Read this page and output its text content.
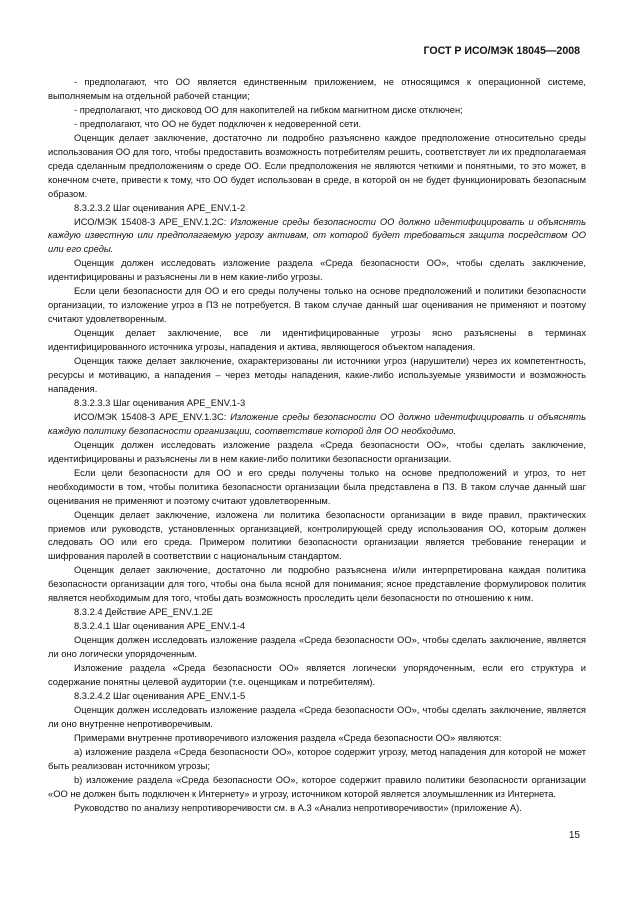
ГОСТ Р ИСО/МЭК 18045—2008

- предполагают, что ОО является единственным приложением, не относящимся к операционной системе, выполняемым на отдельной рабочей станции;

- предполагают, что дисковод ОО для накопителей на гибком магнитном диске отключен;

- предполагают, что ОО не будет подключен к недоверенной сети.

Оценщик делает заключение, достаточно ли подробно разъяснено каждое предположение относительно среды использования ОО для того, чтобы предоставить возможность потребителям решить, соответствует ли их предполагаемая среда сделанным предположениям о среде ОО. Если предположения не являются четкими и понятными, то это может, в конечном счете, привести к тому, что ОО будет использован в среде, в которой он не будет функционировать безопасным образом.

8.3.2.3.2 Шаг оценивания APE_ENV.1-2

ИСО/МЭК 15408-3 APE_ENV.1.2C: Изложение среды безопасности ОО должно идентифицировать и объяснять каждую известную или предполагаемую угрозу активам, от которой будет требоваться защита посредством ОО или его среды.

Оценщик должен исследовать изложение раздела «Среда безопасности ОО», чтобы сделать заключение, идентифицированы и разъяснены ли в нем какие-либо угрозы.

Если цели безопасности для ОО и его среды получены только на основе предположений и политики безопасности организации, то изложение угроз в ПЗ не потребуется. В таком случае данный шаг оценивания не применяют и поэтому считают удовлетворенным.

Оценщик делает заключение, все ли идентифицированные угрозы ясно разъяснены в терминах идентифицированного источника угрозы, нападения и актива, являющегося объектом нападения.

Оценщик также делает заключение, охарактеризованы ли источники угроз (нарушители) через их компетентность, ресурсы и мотивацию, а нападения – через методы нападения, какие-либо используемые уязвимости и возможность нападения.

8.3.2.3.3 Шаг оценивания APE_ENV.1-3

ИСО/МЭК 15408-3 APE_ENV.1.3C: Изложение среды безопасности ОО должно идентифицировать и объяснять каждую политику безопасности организации, соответствие которой для ОО необходимо.

Оценщик должен исследовать изложение раздела «Среда безопасности ОО», чтобы сделать заключение, идентифицированы и разъяснены ли в нем какие-либо политики безопасности организации.

Если цели безопасности для ОО и его среды получены только на основе предположений и угроз, то нет необходимости в том, чтобы политика безопасности организации была представлена в ПЗ. В таком случае данный шаг оценивания не применяют и поэтому считают удовлетворенным.

Оценщик делает заключение, изложена ли политика безопасности организации в виде правил, практических приемов или руководств, установленных организацией, контролирующей среду использования ОО, которым должен следовать ОО или его среда. Примером политики безопасности организации является требование генерации и шифрования паролей в соответствии с национальным стандартом.

Оценщик делает заключение, достаточно ли подробно разъяснена и/или интерпретирована каждая политика безопасности организации для того, чтобы она была ясной для понимания; ясное представление формулировок политик является необходимым для того, чтобы дать возможность проследить цели безопасности по отношению к ним.

8.3.2.4 Действие APE_ENV.1.2E

8.3.2.4.1 Шаг оценивания APE_ENV.1-4

Оценщик должен исследовать изложение раздела «Среда безопасности ОО», чтобы сделать заключение, является ли оно логически упорядоченным.

Изложение раздела «Среда безопасности ОО» является логически упорядоченным, если его структура и содержание понятны целевой аудитории (т.е. оценщикам и потребителям).

8.3.2.4.2 Шаг оценивания APE_ENV.1-5

Оценщик должен исследовать изложение раздела «Среда безопасности ОО», чтобы сделать заключение, является ли оно внутренне непротиворечивым.

Примерами внутренне противоречивого изложения раздела «Среда безопасности ОО» являются:

a) изложение раздела «Среда безопасности ОО», которое содержит угрозу, метод нападения для которой не может быть реализован источником угрозы;

b) изложение раздела «Среда безопасности ОО», которое содержит правило политики безопасности организации «ОО не должен быть подключен к Интернету» и угрозу, источником которой является злоумышленник из Интернета.

Руководство по анализу непротиворечивости см. в А.3 «Анализ непротиворечивости» (приложение А).

15
